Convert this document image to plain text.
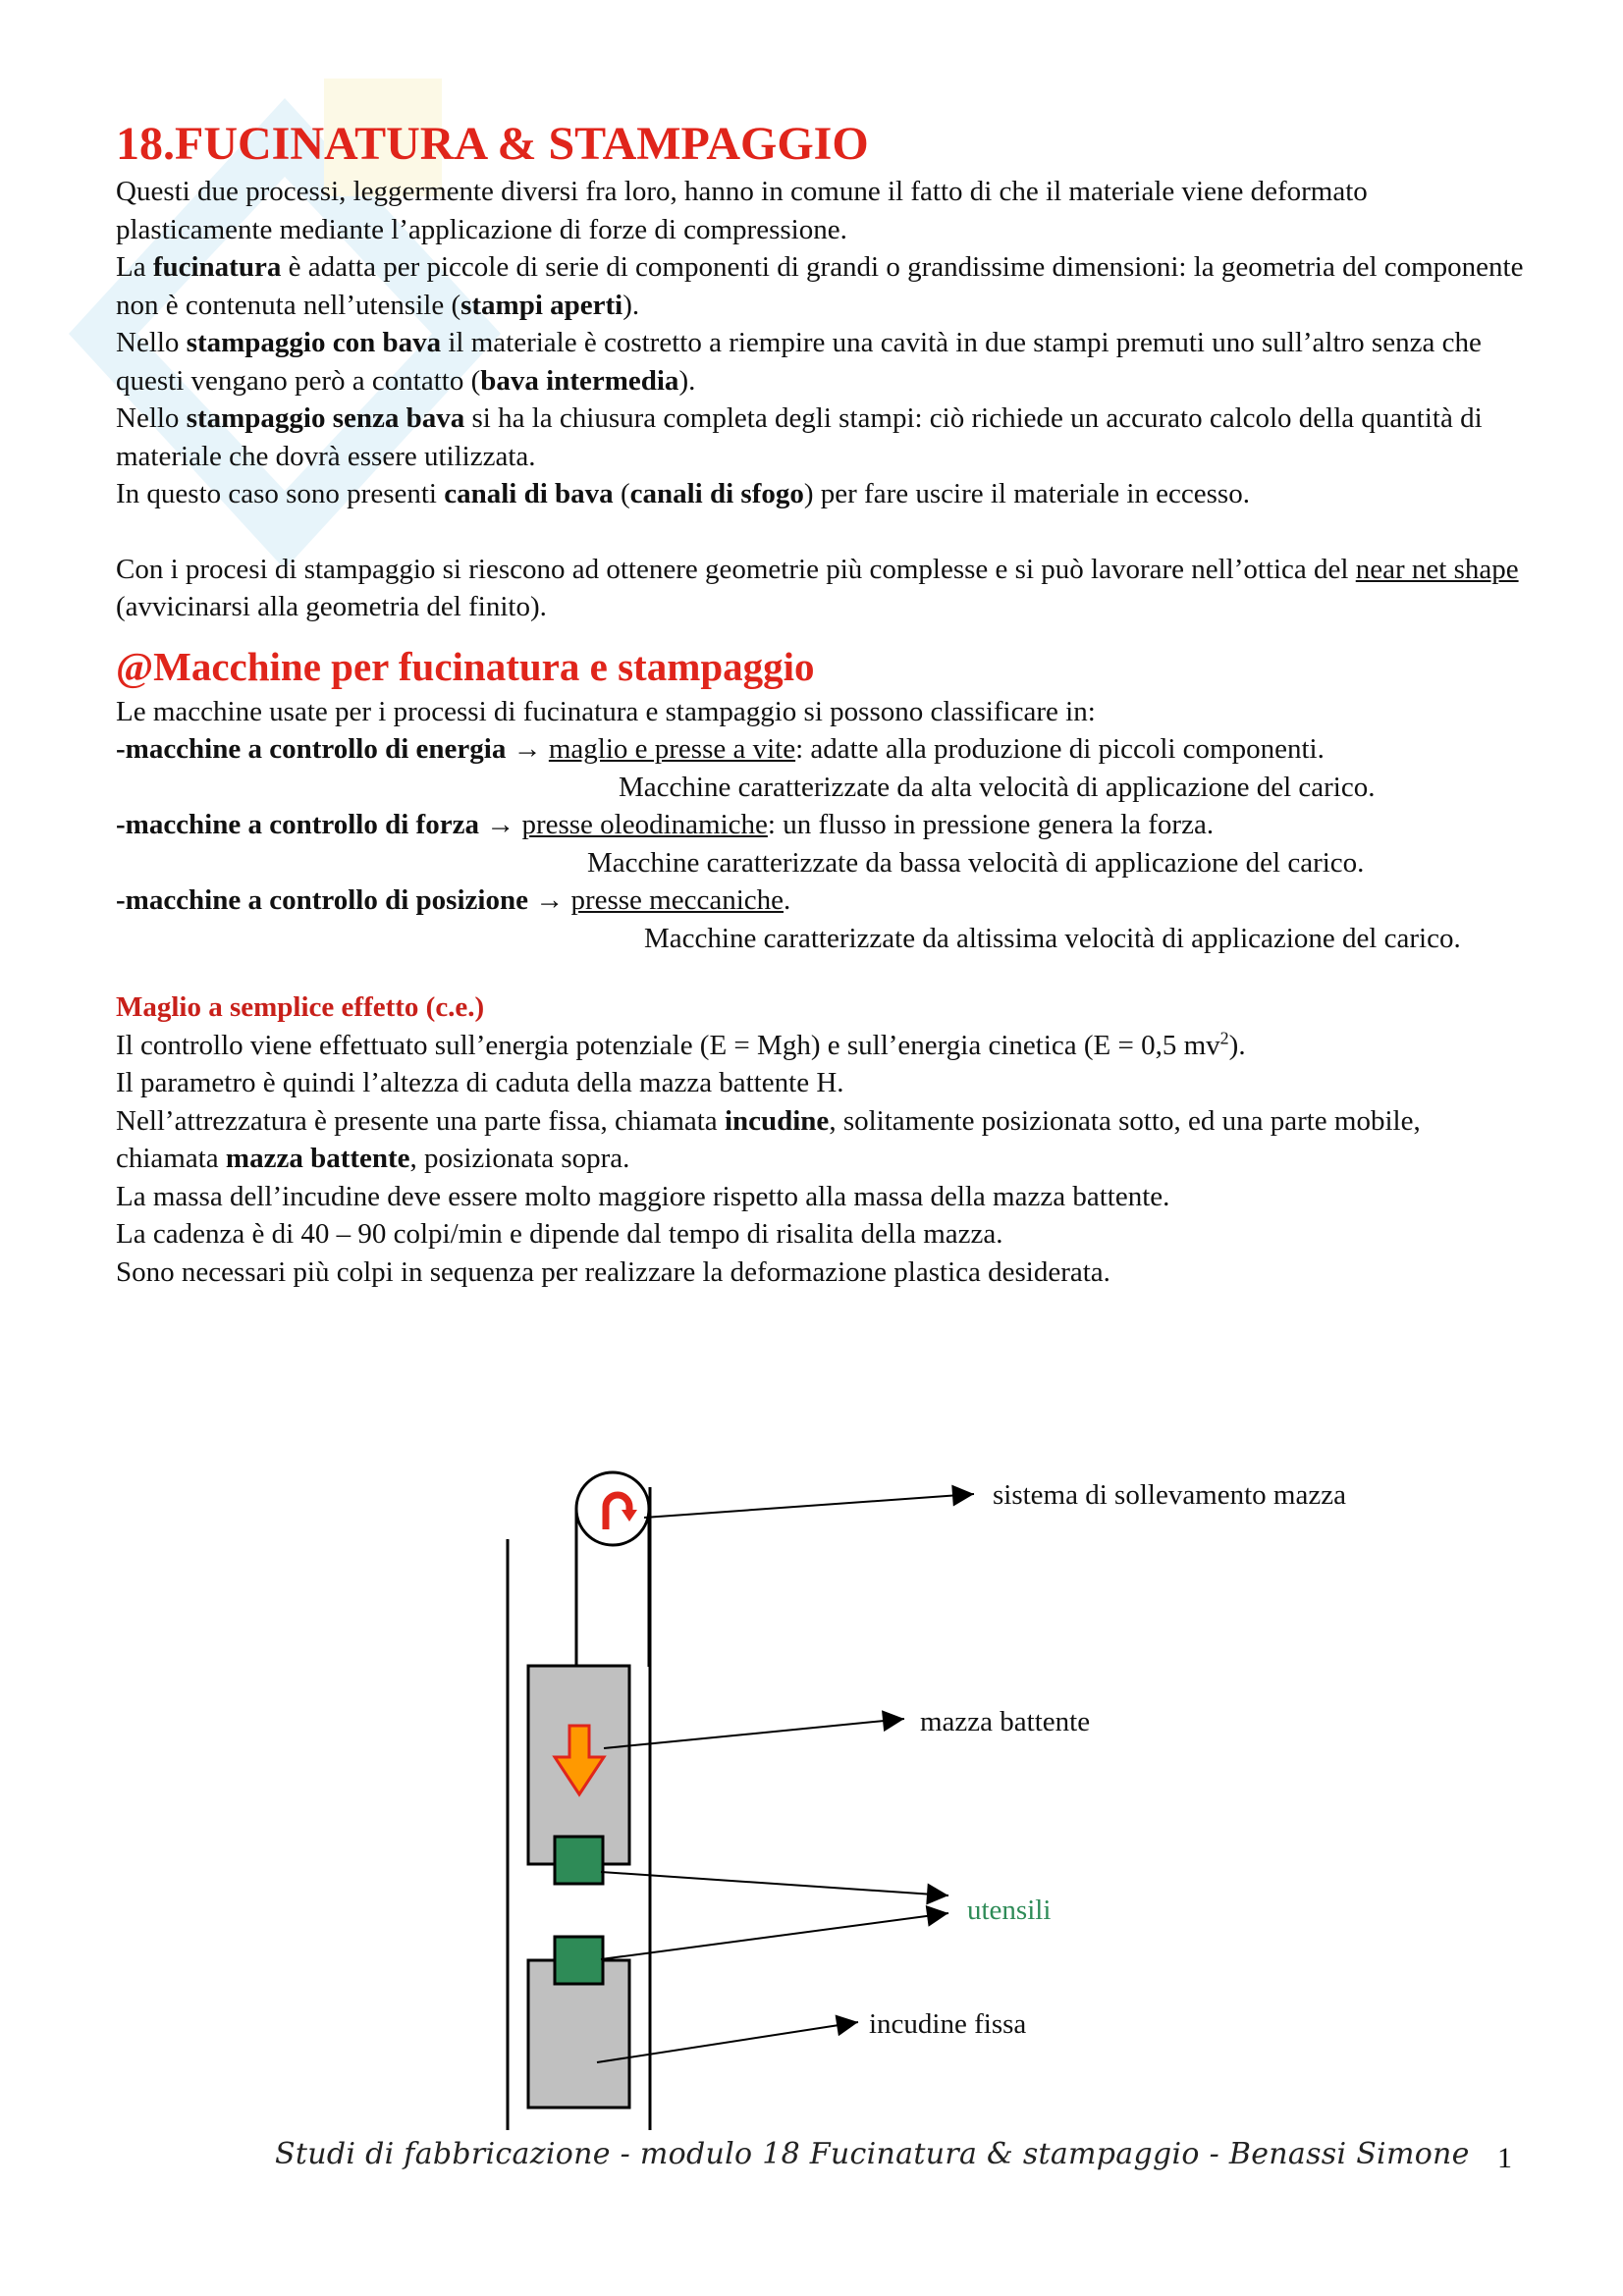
18.FUCINATURA & STAMPAGGIO

Questi due processi, leggermente diversi fra loro, hanno in comune il fatto di che il materiale viene deformato plasticamente mediante l’applicazione di forze di compressione.

La fucinatura è adatta per piccole di serie di componenti di grandi o grandissime dimensioni: la geometria del componente non è contenuta nell’utensile (stampi aperti).

Nello stampaggio con bava il materiale è costretto a riempire una cavità in due stampi premuti uno sull’altro senza che questi vengano però a contatto (bava intermedia).

Nello stampaggio senza bava si ha la chiusura completa degli stampi: ciò richiede un accurato calcolo della quantità di materiale che dovrà essere utilizzata.

In questo caso sono presenti canali di bava (canali di sfogo) per fare uscire il materiale in eccesso.

Con i procesi di stampaggio si riescono ad ottenere geometrie più complesse e si può lavorare nell’ottica del near net shape (avvicinarsi alla geometria del finito).

@Macchine per fucinatura e stampaggio

Le macchine usate per i processi di fucinatura e stampaggio si possono classificare in:

-macchine a controllo di energia → maglio e presse a vite: adatte alla produzione di piccoli componenti.

Macchine caratterizzate da alta velocità di applicazione del carico.

-macchine a controllo di forza → presse oleodinamiche: un flusso in pressione genera la forza.

Macchine caratterizzate da bassa velocità di applicazione del carico.

-macchine a controllo di posizione → presse meccaniche.

Macchine caratterizzate da altissima velocità di applicazione del carico.

Maglio a semplice effetto (c.e.)

Il controllo viene effettuato sull’energia potenziale (E = Mgh) e sull’energia cinetica (E = 0,5 $mv^2$).

Il parametro è quindi l’altezza di caduta della mazza battente H.

Nell’attrezzatura è presente una parte fissa, chiamata incudine, solitamente posizionata sotto, ed una parte mobile, chiamata mazza battente, posizionata sopra.

La massa dell’incudine deve essere molto maggiore rispetto alla massa della mazza battente.

La cadenza è di 40 – 90 colpi/min e dipende dal tempo di risalita della mazza.

Sono necessari più colpi in sequenza per realizzare la deformazione plastica desiderata.

sistema di sollevamento mazza
mazza battente
utensili
incudine fissa
Studi di fabbricazione - modulo 18 Fucinatura & stampaggio - Benassi Simone 1
